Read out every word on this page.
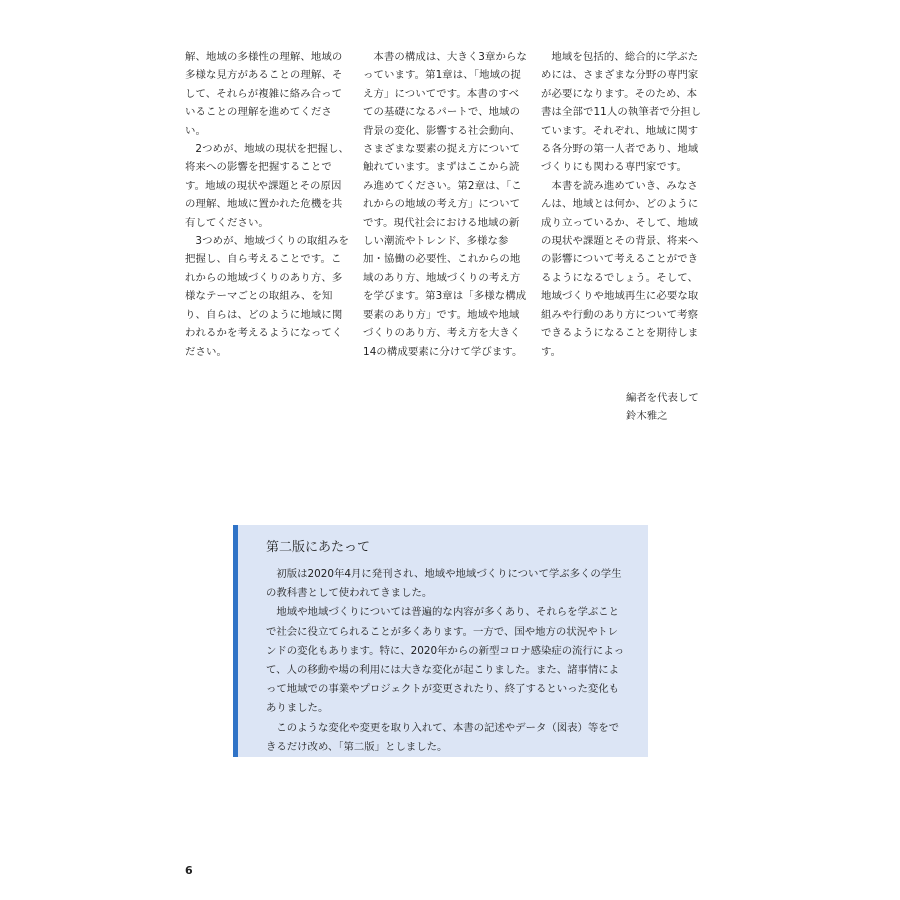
解、地域の多様性の理解、地域の多様な見方があることの理解、そして、それらが複雑に絡み合っていることの理解を進めてください。

2つめが、地域の現状を把握し、将来への影響を把握することです。地域の現状や課題とその原因の理解、地域に置かれた危機を共有してください。

3つめが、地域づくりの取組みを把握し、自ら考えることです。これからの地域づくりのあり方、多様なテーマごとの取組み、を知り、自らは、どのように地域に関われるかを考えるようになってください。

本書の構成は、大きく3章からなっています。第1章は、「地域の捉え方」についてです。本書のすべての基礎になるパートで、地域の背景の変化、影響する社会動向、さまざまな要素の捉え方について触れています。まずはここから読み進めてください。第2章は、「これからの地域の考え方」についてです。現代社会における地域の新しい潮流やトレンド、多様な参加・協働の必要性、これからの地域のあり方、地域づくりの考え方を学びます。第3章は「多様な構成要素のあり方」です。地域や地域づくりのあり方、考え方を大きく14の構成要素に分けて学びます。

地域を包括的、総合的に学ぶためには、さまざまな分野の専門家が必要になります。そのため、本書は全部で11人の執筆者で分担しています。それぞれ、地域に関する各分野の第一人者であり、地域づくりにも関わる専門家です。

本書を読み進めていき、みなさんは、地域とは何か、どのように成り立っているか、そして、地域の現状や課題とその背景、将来への影響について考えることができるようになるでしょう。そして、地域づくりや地域再生に必要な取組みや行動のあり方について考察できるようになることを期待します。

編者を代表して
鈴木雅之
第二版にあたって

初版は2020年4月に発刊され、地域や地域づくりについて学ぶ多くの学生の教科書として使われてきました。

地域や地域づくりについては普遍的な内容が多くあり、それらを学ぶことで社会に役立てられることが多くあります。一方で、国や地方の状況やトレンドの変化もあります。特に、2020年からの新型コロナ感染症の流行によって、人の移動や場の利用には大きな変化が起こりました。また、諸事情によって地域での事業やプロジェクトが変更されたり、終了するといった変化もありました。

このような変化や変更を取り入れて、本書の記述やデータ（図表）等をできるだけ改め、「第二版」としました。

6
